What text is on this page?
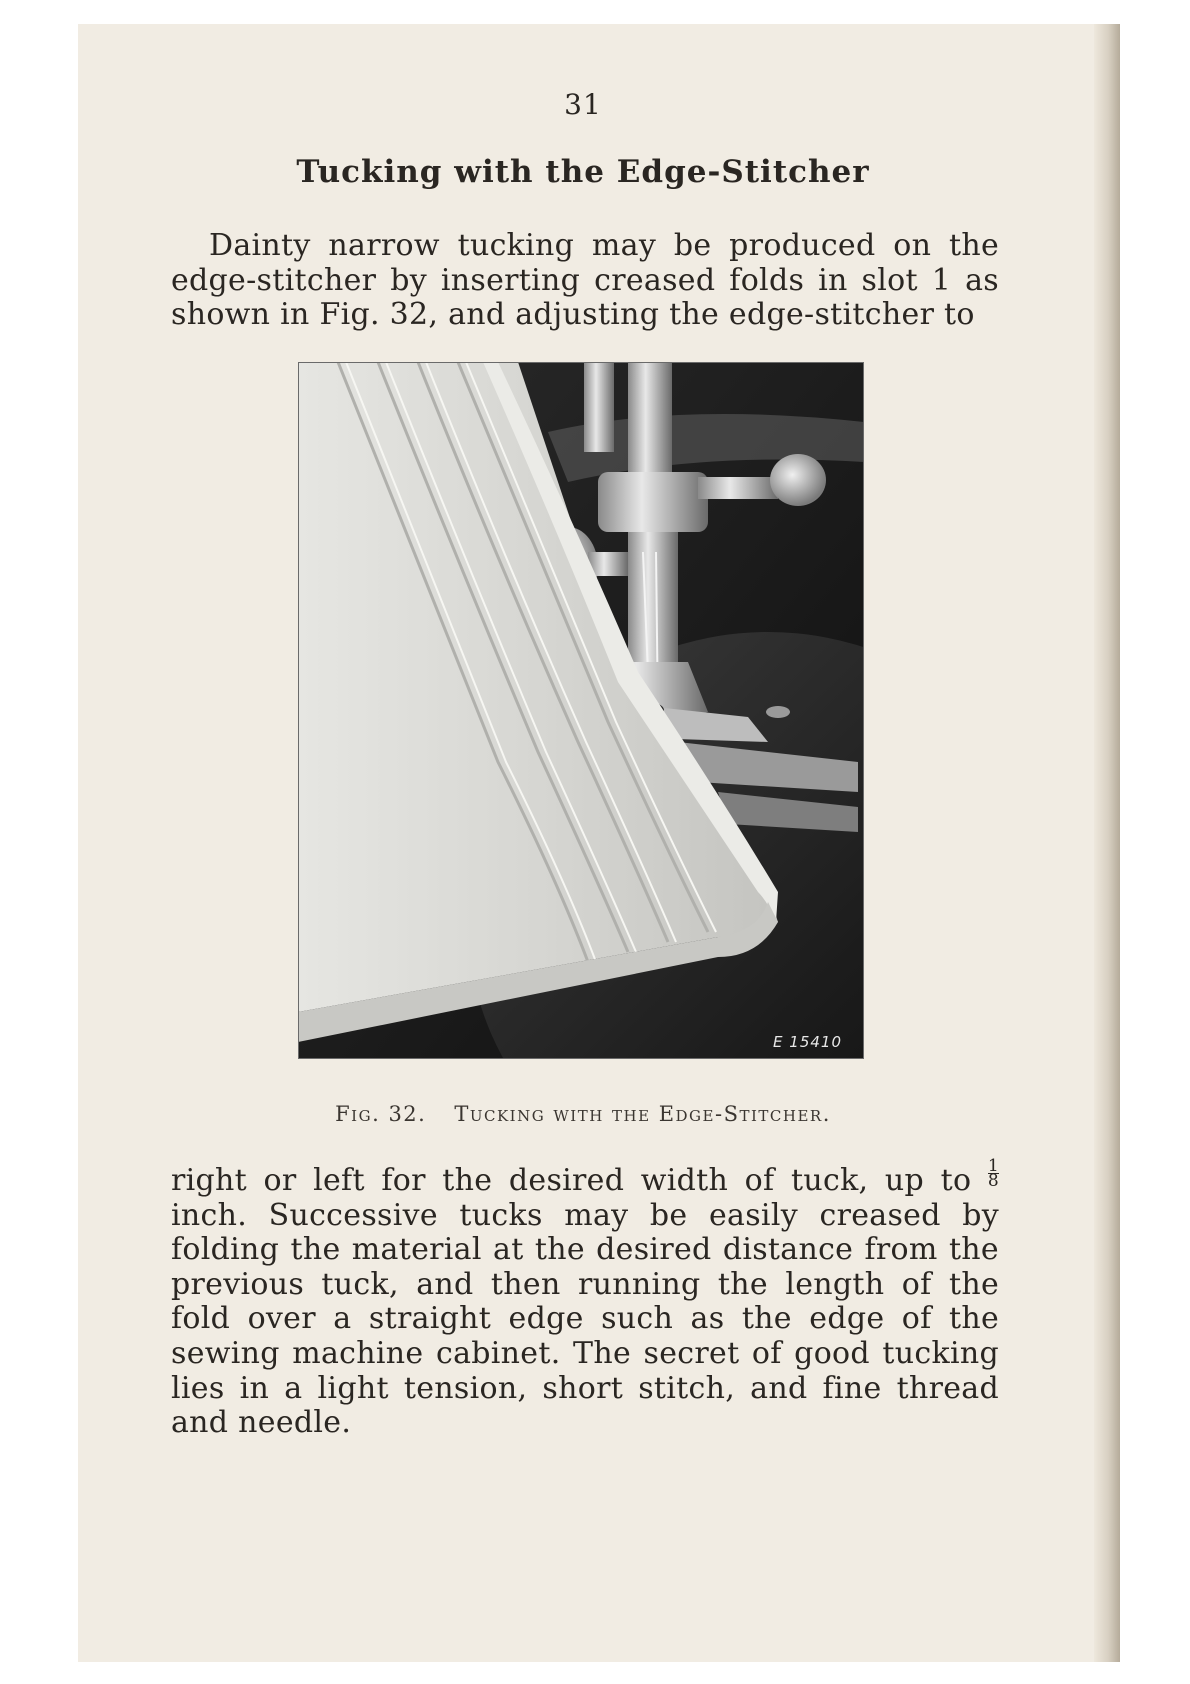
31
Tucking with the Edge-Stitcher
Dainty narrow tucking may be produced on the edge-stitcher by inserting creased folds in slot 1 as shown in Fig. 32, and adjusting the edge-stitcher to
E 15410
Fig. 32. Tucking with the Edge-Stitcher.
right or left for the desired width of tuck, up to $\frac{1}{8}$
inch. Successive tucks may be easily creased by folding the material at the desired distance from the previous tuck, and then running the length of the fold over a straight edge such as the edge of the sewing machine cabinet. The secret of good tucking lies in a light tension, short stitch, and fine thread and needle.
